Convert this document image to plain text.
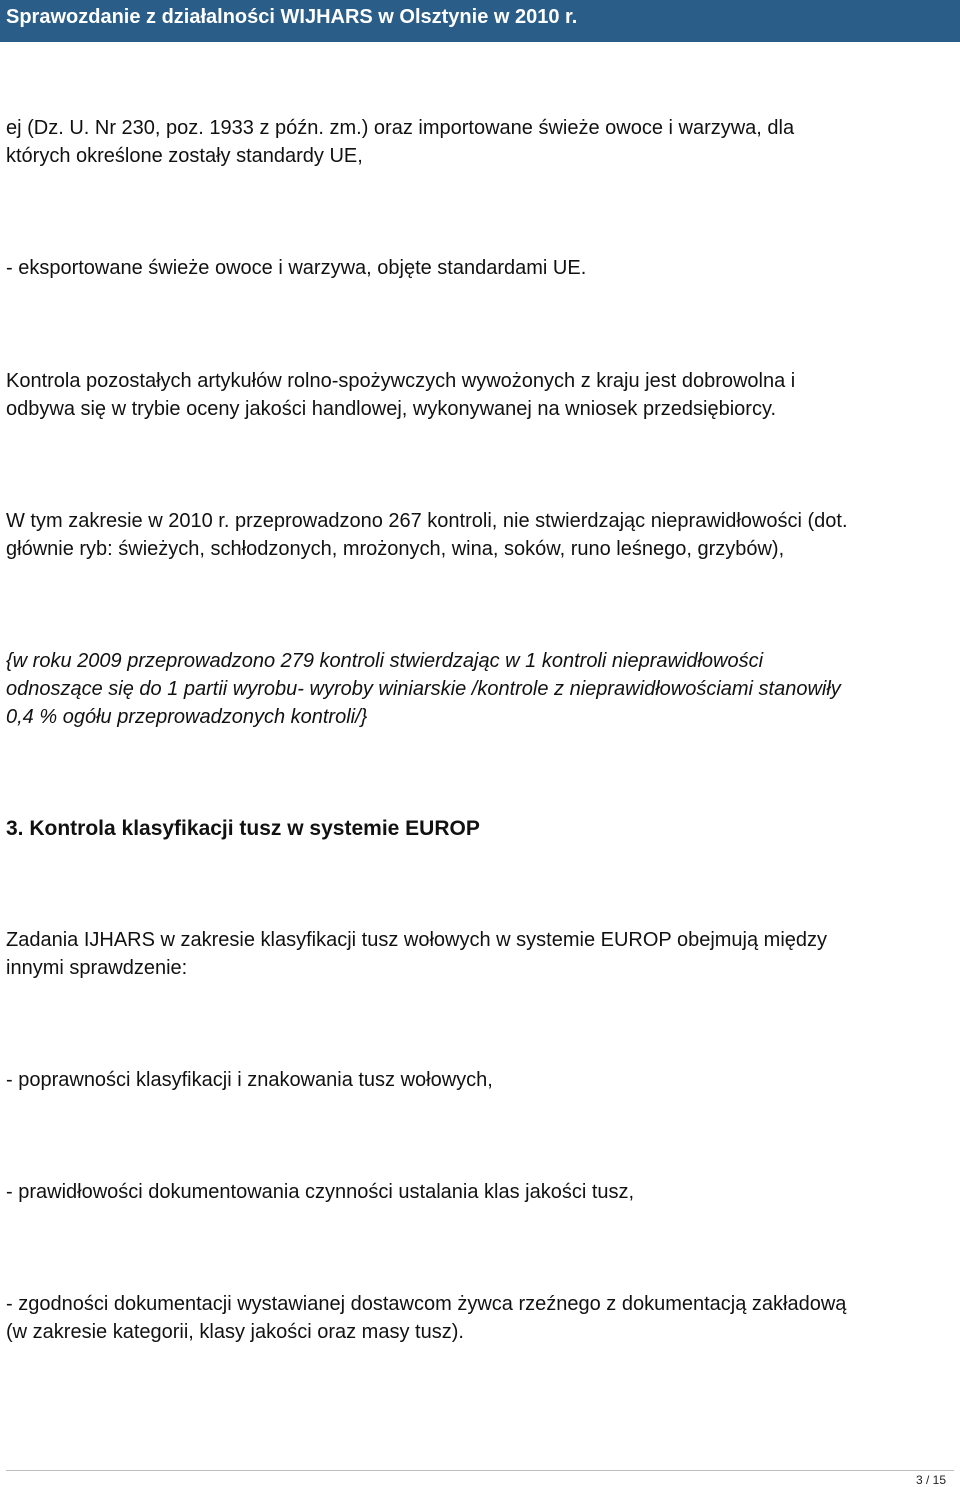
Sprawozdanie z działalności WIJHARS w Olsztynie w 2010 r.

ej (Dz. U. Nr 230, poz. 1933 z późn. zm.) oraz importowane świeże owoce i warzywa, dla
których określone zostały standardy UE,

- eksportowane świeże owoce i warzywa, objęte standardami UE.

Kontrola pozostałych artykułów rolno-spożywczych wywożonych z kraju jest dobrowolna i
odbywa się w trybie oceny jakości handlowej, wykonywanej na wniosek przedsiębiorcy.

W tym zakresie w 2010 r. przeprowadzono 267 kontroli, nie stwierdzając nieprawidłowości (dot.
głównie ryb: świeżych, schłodzonych, mrożonych, wina, soków, runo leśnego, grzybów),

{w roku 2009 przeprowadzono 279 kontroli stwierdzając w 1 kontroli nieprawidłowości
odnoszące się do 1 partii wyrobu- wyroby winiarskie /kontrole z nieprawidłowościami stanowiły
0,4 % ogółu przeprowadzonych kontroli/}

3. Kontrola klasyfikacji tusz w systemie EUROP

Zadania IJHARS w zakresie klasyfikacji tusz wołowych w systemie EUROP obejmują między
innymi sprawdzenie:

- poprawności klasyfikacji i znakowania tusz wołowych,

- prawidłowości dokumentowania czynności ustalania klas jakości tusz,

- zgodności dokumentacji wystawianej dostawcom żywca rzeźnego z dokumentacją zakładową
(w zakresie kategorii, klasy jakości oraz masy tusz).

3 / 15
